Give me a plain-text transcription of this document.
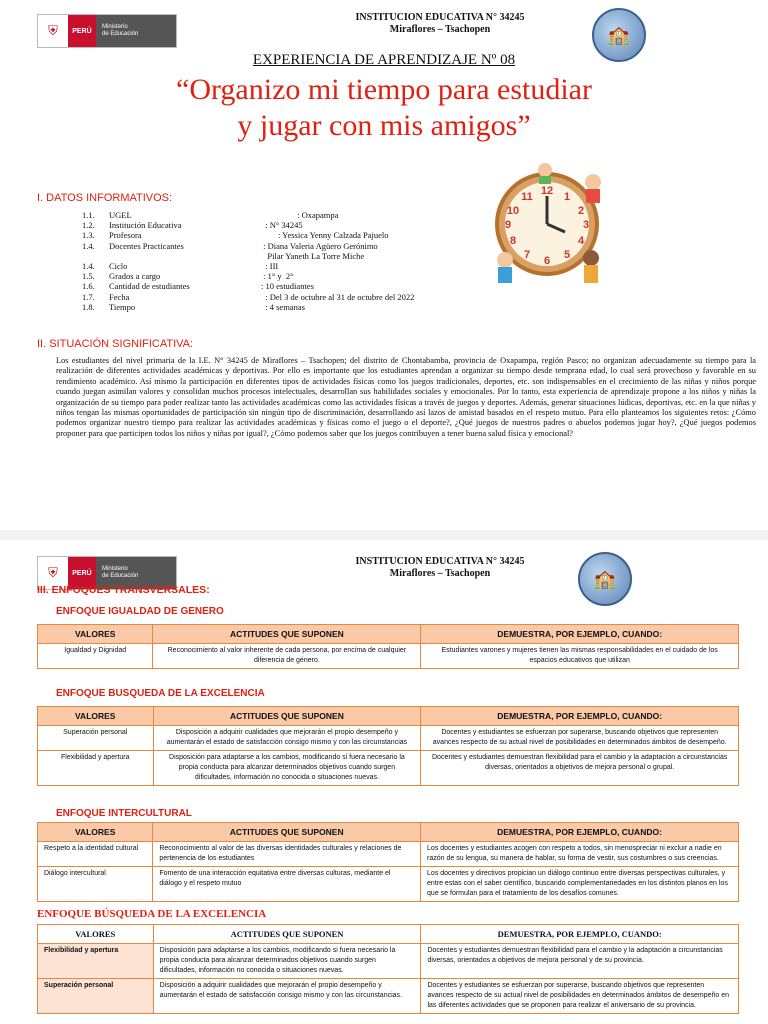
⛨	PERÚ
Ministerio
de Educación
INSTITUCION EDUCATIVA N° 34245
Miraflores – Tsachopen	🏫
EXPERIENCIA DE APRENDIZAJE Nº 08
“Organizo mi tiempo para estudiar
y jugar con mis amigos”
I. DATOS INFORMATIVOS:
1.1.	UGEL	: Oxapampa
1.2.	Institución Educativa	: N° 34245
1.3.	Profesora	: Yessica Yenny Calzada Pajuelo
1.4.	Docentes Practicantes	: Diana Valeria Agüero Gerónimo
Pilar Yaneth La Torre Miche
1.4.	Ciclo	: III
1.5.	Grados a cargo	: 1° y  2°
1.6.	Cantidad de estudiantes	: 10 estudiantes
1.7.	Fecha	: Del 3 de octubre al 31 de octubre del 2022
1.8.	Tiempo	: 4 semanas
12 1
2
3
4
5
6
7
8
9
10
11
II. SITUACIÓN SIGNIFICATIVA:
Los estudiantes del nivel primaria de la I.E. N° 34245 de Miraflores – Tsachopen; del distrito de Chontabamba, provincia de Oxapampa, región Pasco; no organizan adecuadamente su tiempo para la realización de diferentes actividades académicas y deportivas. Por ello es importante que los estudiantes aprendan a organizar su tiempo desde temprana edad, lo cual será provechoso y favorable en su rendimiento académico. Así mismo la participación en diferentes tipos de actividades físicas como los juegos tradicionales, deportes, etc. son indispensables en el crecimiento de las niñas y niños porque cuando juegan asimilan valores y consolidan muchos procesos intelectuales, desarrollan sus habilidades sociales y emocionales. Por lo tanto, esta experiencia de aprendizaje propone a los niños y niñas la organización de su tiempo para poder realizar tanto las actividades académicas como las actividades físicas a través de juegos y deportes. Además, generar situaciones lúdicas, deportivas, etc. en la que niñas y niños tengan las mismas oportunidades de participación sin ningún tipo de discriminación, desarrollando así lazos de amistad basados en el respeto mutuo. Para ello planteamos los siguientes retos: ¿Cómo podemos organizar nuestro tiempo para realizar las actividades académicas y físicas como el juego o el deporte?, ¿Qué juegos de nuestros padres o abuelos podemos jugar hoy?, ¿Qué juegos podemos proponer para que participen todos los niños y niñas por igual?, ¿Cómo podemos saber que los juegos contribuyen a tener buena salud física y emocional?
⛨	PERÚ
Ministerio
de Educación
INSTITUCION EDUCATIVA N° 34245
Miraflores – Tsachopen	🏫
III. ENFOQUES TRANSVERSALES:
ENFOQUE IGUALDAD DE GENERO
VALORES	ACTITUDES QUE SUPONEN	DEMUESTRA, POR EJEMPLO, CUANDO:
Igualdad y Dignidad	Reconocimiento al valor inherente de cada persona, por encima de cualquier diferencia de género.	Estudiantes varones y mujeres tienen las mismas responsabilidades en el cuidado de los espacios educativos que utilizan
ENFOQUE BUSQUEDA DE LA EXCELENCIA
VALORES	ACTITUDES QUE SUPONEN	DEMUESTRA, POR EJEMPLO, CUANDO:
Superación personal	Disposición a adquirir cualidades que mejorarán el propio desempeño y aumentarán el estado de satisfacción consigo mismo y con las circunstancias	Docentes y estudiantes se esfuerzan por superarse, buscando objetivos que representen avances respecto de su actual nivel de posibilidades en determinados ámbitos de desempeño.
Flexibilidad y apertura	Disposición para adaptarse a los cambios, modificando si fuera necesario la propia conducta para alcanzar determinados objetivos cuando surgen dificultades, información no conocida o situaciones nuevas.	Docentes y estudiantes demuestran flexibilidad para el cambio y la adaptación a circunstancias diversas, orientados a objetivos de mejora personal o grupal.
ENFOQUE INTERCULTURAL
VALORES	ACTITUDES QUE SUPONEN	DEMUESTRA, POR EJEMPLO, CUANDO:
Respeto a la identidad cultural	Reconocimiento al valor de las diversas identidades culturales y relaciones de pertenencia de los estudiantes	Los docentes y estudiantes acogen con respeto a todos, sin menospreciar ni excluir a nadie en razón de su lengua, su manera de hablar, su forma de vestir, sus costumbres o sus creencias.
Diálogo intercultural	Fomento de una interacción equitativa entre diversas culturas, mediante el diálogo y el respeto mutuo	Los docentes y directivos propician un diálogo continuo entre diversas perspectivas culturales, y entre estas con el saber científico, buscando complementariedades en los distintos planos en los que se formulan para el tratamiento de los desafíos comunes.
ENFOQUE BÚSQUEDA DE LA EXCELENCIA
VALORES	ACTITUDES QUE SUPONEN	DEMUESTRA, POR EJEMPLO, CUANDO:
Flexibilidad y apertura	Disposición para adaptarse a los cambios, modificando si fuera necesario la propia conducta para alcanzar determinados objetivos cuando surgen dificultades, información no conocida o situaciones nuevas.	Docentes y estudiantes demuestran flexibilidad para el cambio y la adaptación a circunstancias diversas, orientados a objetivos de mejora personal y de su provincia.
Superación personal	Disposición a adquirir cualidades que mejorarán el propio desempeño y aumentarán el estado de satisfacción consigo mismo y con las circunstancias.	Docentes y estudiantes se esfuerzan por superarse, buscando objetivos que representen avances respecto de su actual nivel de posibilidades en determinados ámbitos de desempeño en las diferentes actividades que se proponen para realizar el aniversario de su provincia.
